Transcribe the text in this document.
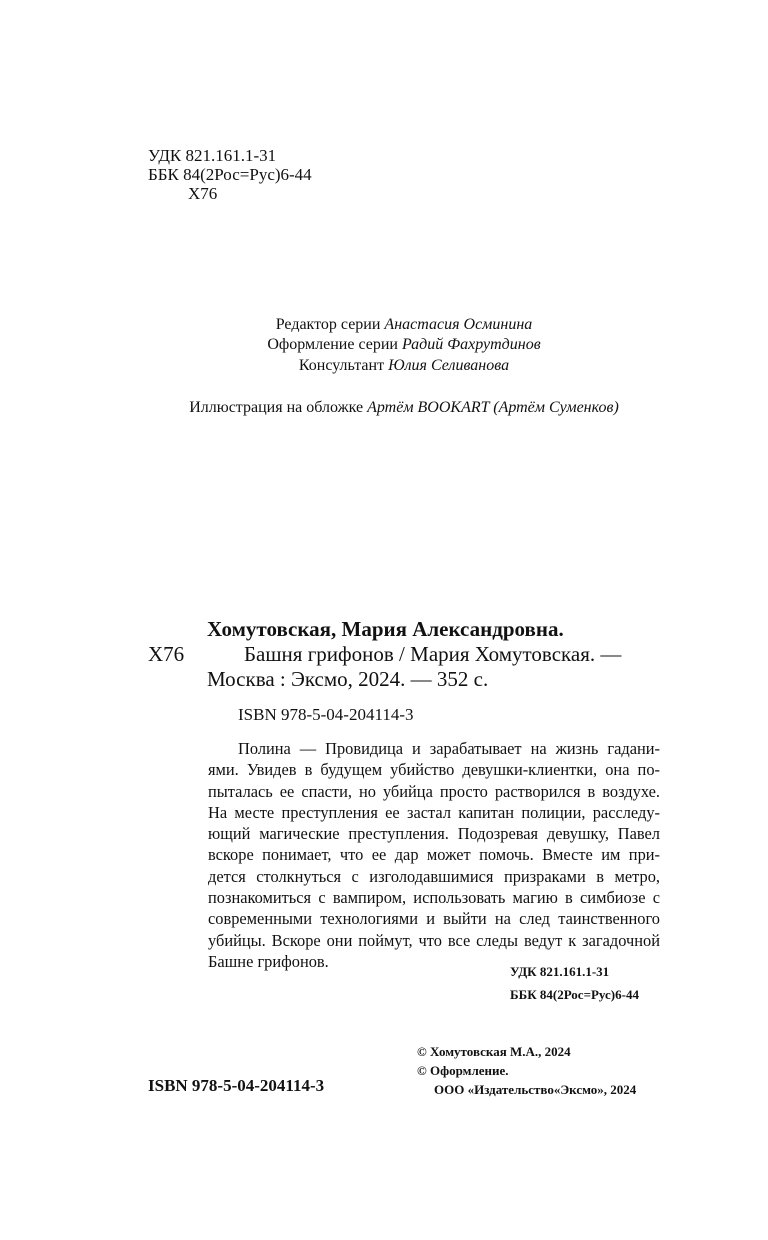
УДК 821.161.1-31
ББК 84(2Рос=Рус)6-44
Х76
Редактор серии Анастасия Осминина
Оформление серии Радий Фахрутдинов
Консультант Юлия Селиванова
Иллюстрация на обложке Артём BOOKART (Артём Суменков)
Хомутовская, Мария Александровна.
Х76	Башня грифонов / Мария Хомутовская. —
Москва : Эксмо, 2024. — 352 с.
ISBN 978-5-04-204114-3
Полина — Провидица и зарабатывает на жизнь гадани-
ями. Увидев в будущем убийство девушки-клиентки, она по-
пыталась ее спасти, но убийца просто растворился в воздухе.
На месте преступления ее застал капитан полиции, расследу-
ющий магические преступления. Подозревая девушку, Павел
вскоре понимает, что ее дар может помочь. Вместе им при-
дется столкнуться с изголодавшимися призраками в метро,
познакомиться с вампиром, использовать магию в симбиозе с
современными технологиями и выйти на след таинственного
убийцы. Вскоре они поймут, что все следы ведут к загадочной
Башне грифонов.
УДК 821.161.1-31
ББК 84(2Рос=Рус)6-44
© Хомутовская М.А., 2024
© Оформление.
ООО «Издательство«Эксмо», 2024
ISBN 978-5-04-204114-3
